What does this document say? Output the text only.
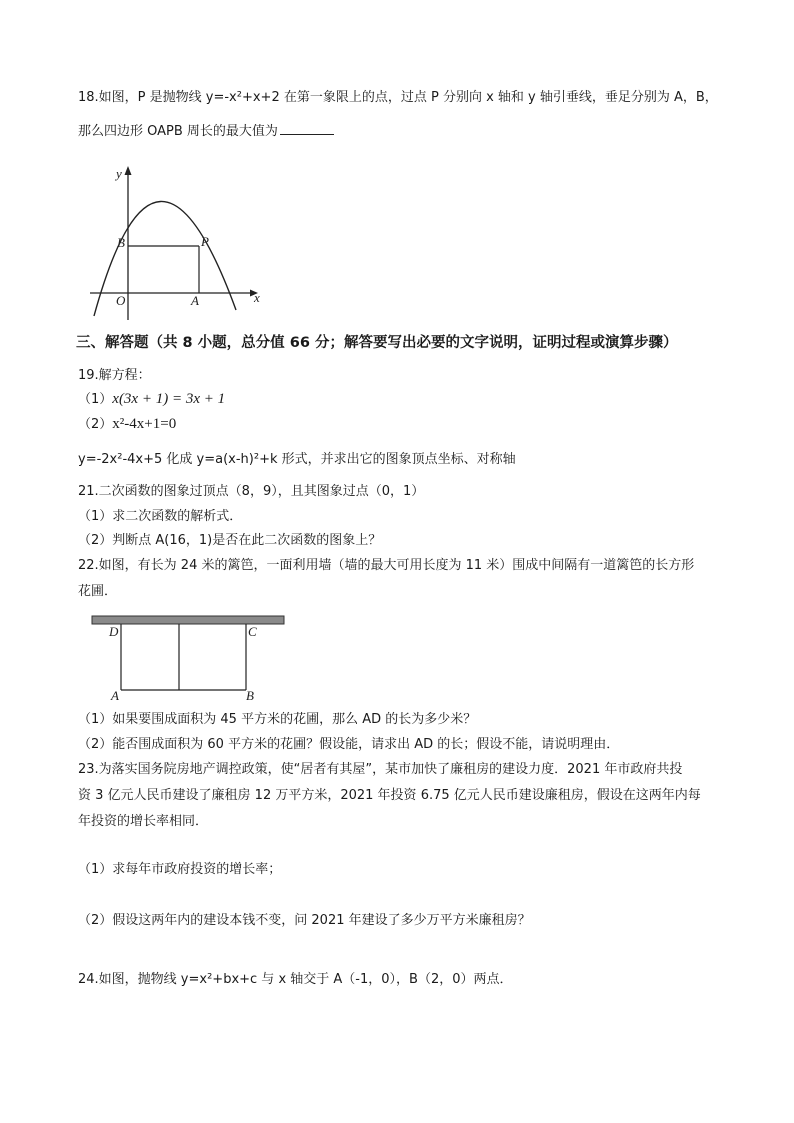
18.如图，P 是抛物线 y=-x²+x+2 在第一象限上的点，过点 P 分别向 x 轴和 y 轴引垂线，垂足分别为 A，B，
那么四边形 OAPB 周长的最大值为
y
x
O	A
B	P
三、解答题（共 8 小题，总分值 66 分；解答要写出必要的文字说明，证明过程或演算步骤）
19.解方程：
（1）x(3x + 1) = 3x + 1
（2）x²-4x+1=0
y=-2x²-4x+5 化成 y=a(x-h)²+k 形式，并求出它的图象顶点坐标、对称轴
21.二次函数的图象过顶点（8，9），且其图象过点（0，1）
（1）求二次函数的解析式．
（2）判断点 A(16，1)是否在此二次函数的图象上？
22.如图，有长为 24 米的篱笆，一面利用墙（墙的最大可用长度为 11 米）围成中间隔有一道篱笆的长方形
花圃．
D	C
A	B
（1）如果要围成面积为 45 平方米的花圃，那么 AD 的长为多少米？
（2）能否围成面积为 60 平方米的花圃？假设能，请求出 AD 的长；假设不能，请说明理由．
23.为落实国务院房地产调控政策，使“居者有其屋”，某市加快了廉租房的建设力度．2021 年市政府共投
资 3 亿元人民币建设了廉租房 12 万平方米，2021 年投资 6.75 亿元人民币建设廉租房，假设在这两年内每
年投资的增长率相同．
（1）求每年市政府投资的增长率；
（2）假设这两年内的建设本钱不变，问 2021 年建设了多少万平方米廉租房？
24.如图，抛物线 y=x²+bx+c 与 x 轴交于 A（-1，0），B（2，0）两点．
